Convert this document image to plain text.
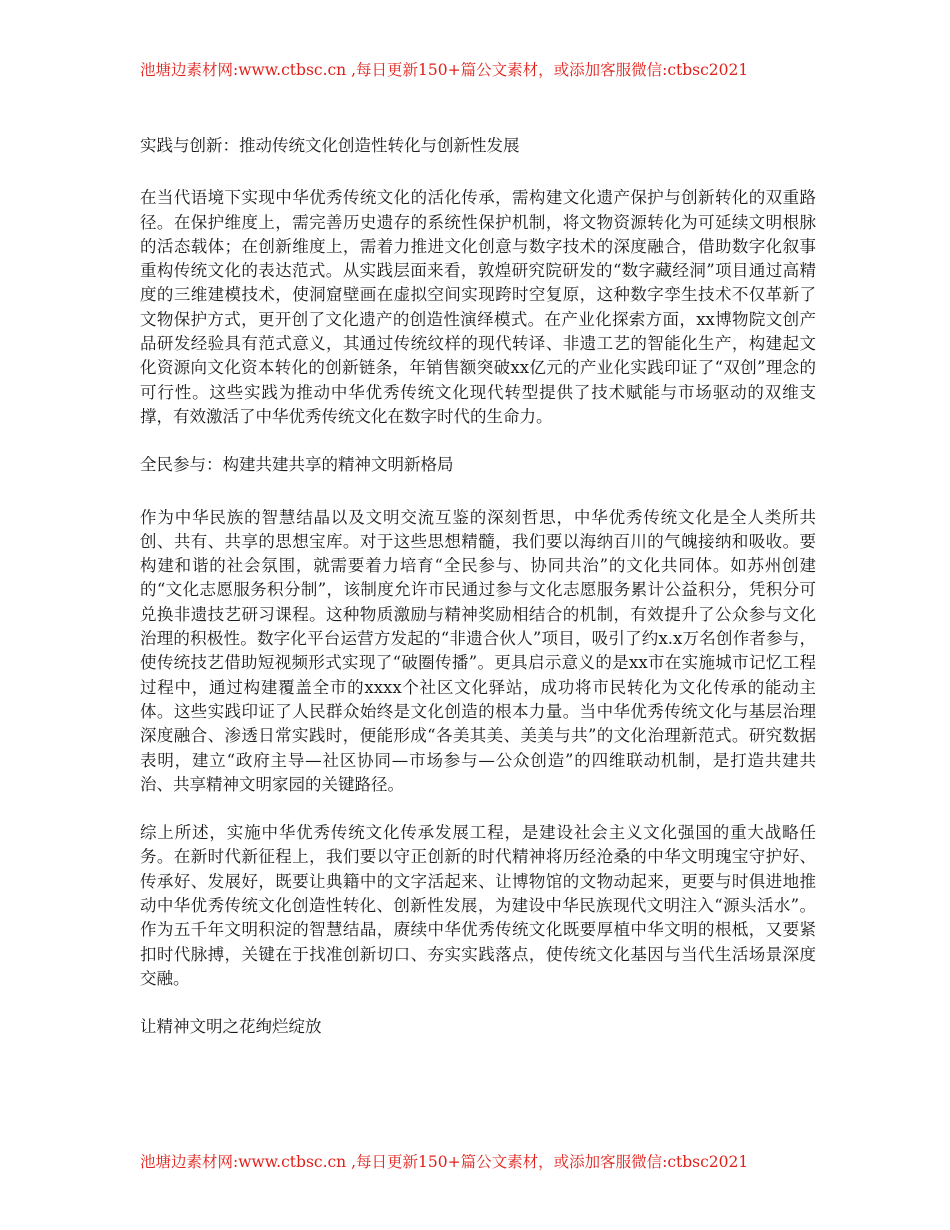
池塘边素材网:www.ctbsc.cn ,每日更新150+篇公文素材，或添加客服微信:ctbsc2021
实践与创新：推动传统文化创造性转化与创新性发展
在当代语境下实现中华优秀传统文化的活化传承，需构建文化遗产保护与创新转化的双重路径。在保护维度上，需完善历史遗存的系统性保护机制，将文物资源转化为可延续文明根脉的活态载体；在创新维度上，需着力推进文化创意与数字技术的深度融合，借助数字化叙事重构传统文化的表达范式。从实践层面来看，敦煌研究院研发的“数字藏经洞”项目通过高精度的三维建模技术，使洞窟壁画在虚拟空间实现跨时空复原，这种数字孪生技术不仅革新了文物保护方式，更开创了文化遗产的创造性演绎模式。在产业化探索方面，xx博物院文创产品研发经验具有范式意义，其通过传统纹样的现代转译、非遗工艺的智能化生产，构建起文化资源向文化资本转化的创新链条，年销售额突破xx亿元的产业化实践印证了“双创”理念的可行性。这些实践为推动中华优秀传统文化现代转型提供了技术赋能与市场驱动的双维支撑，有效激活了中华优秀传统文化在数字时代的生命力。
全民参与：构建共建共享的精神文明新格局
作为中华民族的智慧结晶以及文明交流互鉴的深刻哲思，中华优秀传统文化是全人类所共创、共有、共享的思想宝库。对于这些思想精髓，我们要以海纳百川的气魄接纳和吸收。要构建和谐的社会氛围，就需要着力培育“全民参与、协同共治”的文化共同体。如苏州创建的“文化志愿服务积分制”，该制度允许市民通过参与文化志愿服务累计公益积分，凭积分可兑换非遗技艺研习课程。这种物质激励与精神奖励相结合的机制，有效提升了公众参与文化治理的积极性。数字化平台运营方发起的“非遗合伙人”项目，吸引了约x.x万名创作者参与，使传统技艺借助短视频形式实现了“破圈传播”。更具启示意义的是xx市在实施城市记忆工程过程中，通过构建覆盖全市的xxxx个社区文化驿站，成功将市民转化为文化传承的能动主体。这些实践印证了人民群众始终是文化创造的根本力量。当中华优秀传统文化与基层治理深度融合、渗透日常实践时，便能形成“各美其美、美美与共”的文化治理新范式。研究数据表明，建立“政府主导—社区协同—市场参与—公众创造”的四维联动机制，是打造共建共治、共享精神文明家园的关键路径。
综上所述，实施中华优秀传统文化传承发展工程，是建设社会主义文化强国的重大战略任务。在新时代新征程上，我们要以守正创新的时代精神将历经沧桑的中华文明瑰宝守护好、传承好、发展好，既要让典籍中的文字活起来、让博物馆的文物动起来，更要与时俱进地推动中华优秀传统文化创造性转化、创新性发展，为建设中华民族现代文明注入“源头活水”。作为五千年文明积淀的智慧结晶，赓续中华优秀传统文化既要厚植中华文明的根柢，又要紧扣时代脉搏，关键在于找准创新切口、夯实实践落点，使传统文化基因与当代生活场景深度交融。
让精神文明之花绚烂绽放
池塘边素材网:www.ctbsc.cn ,每日更新150+篇公文素材，或添加客服微信:ctbsc2021
